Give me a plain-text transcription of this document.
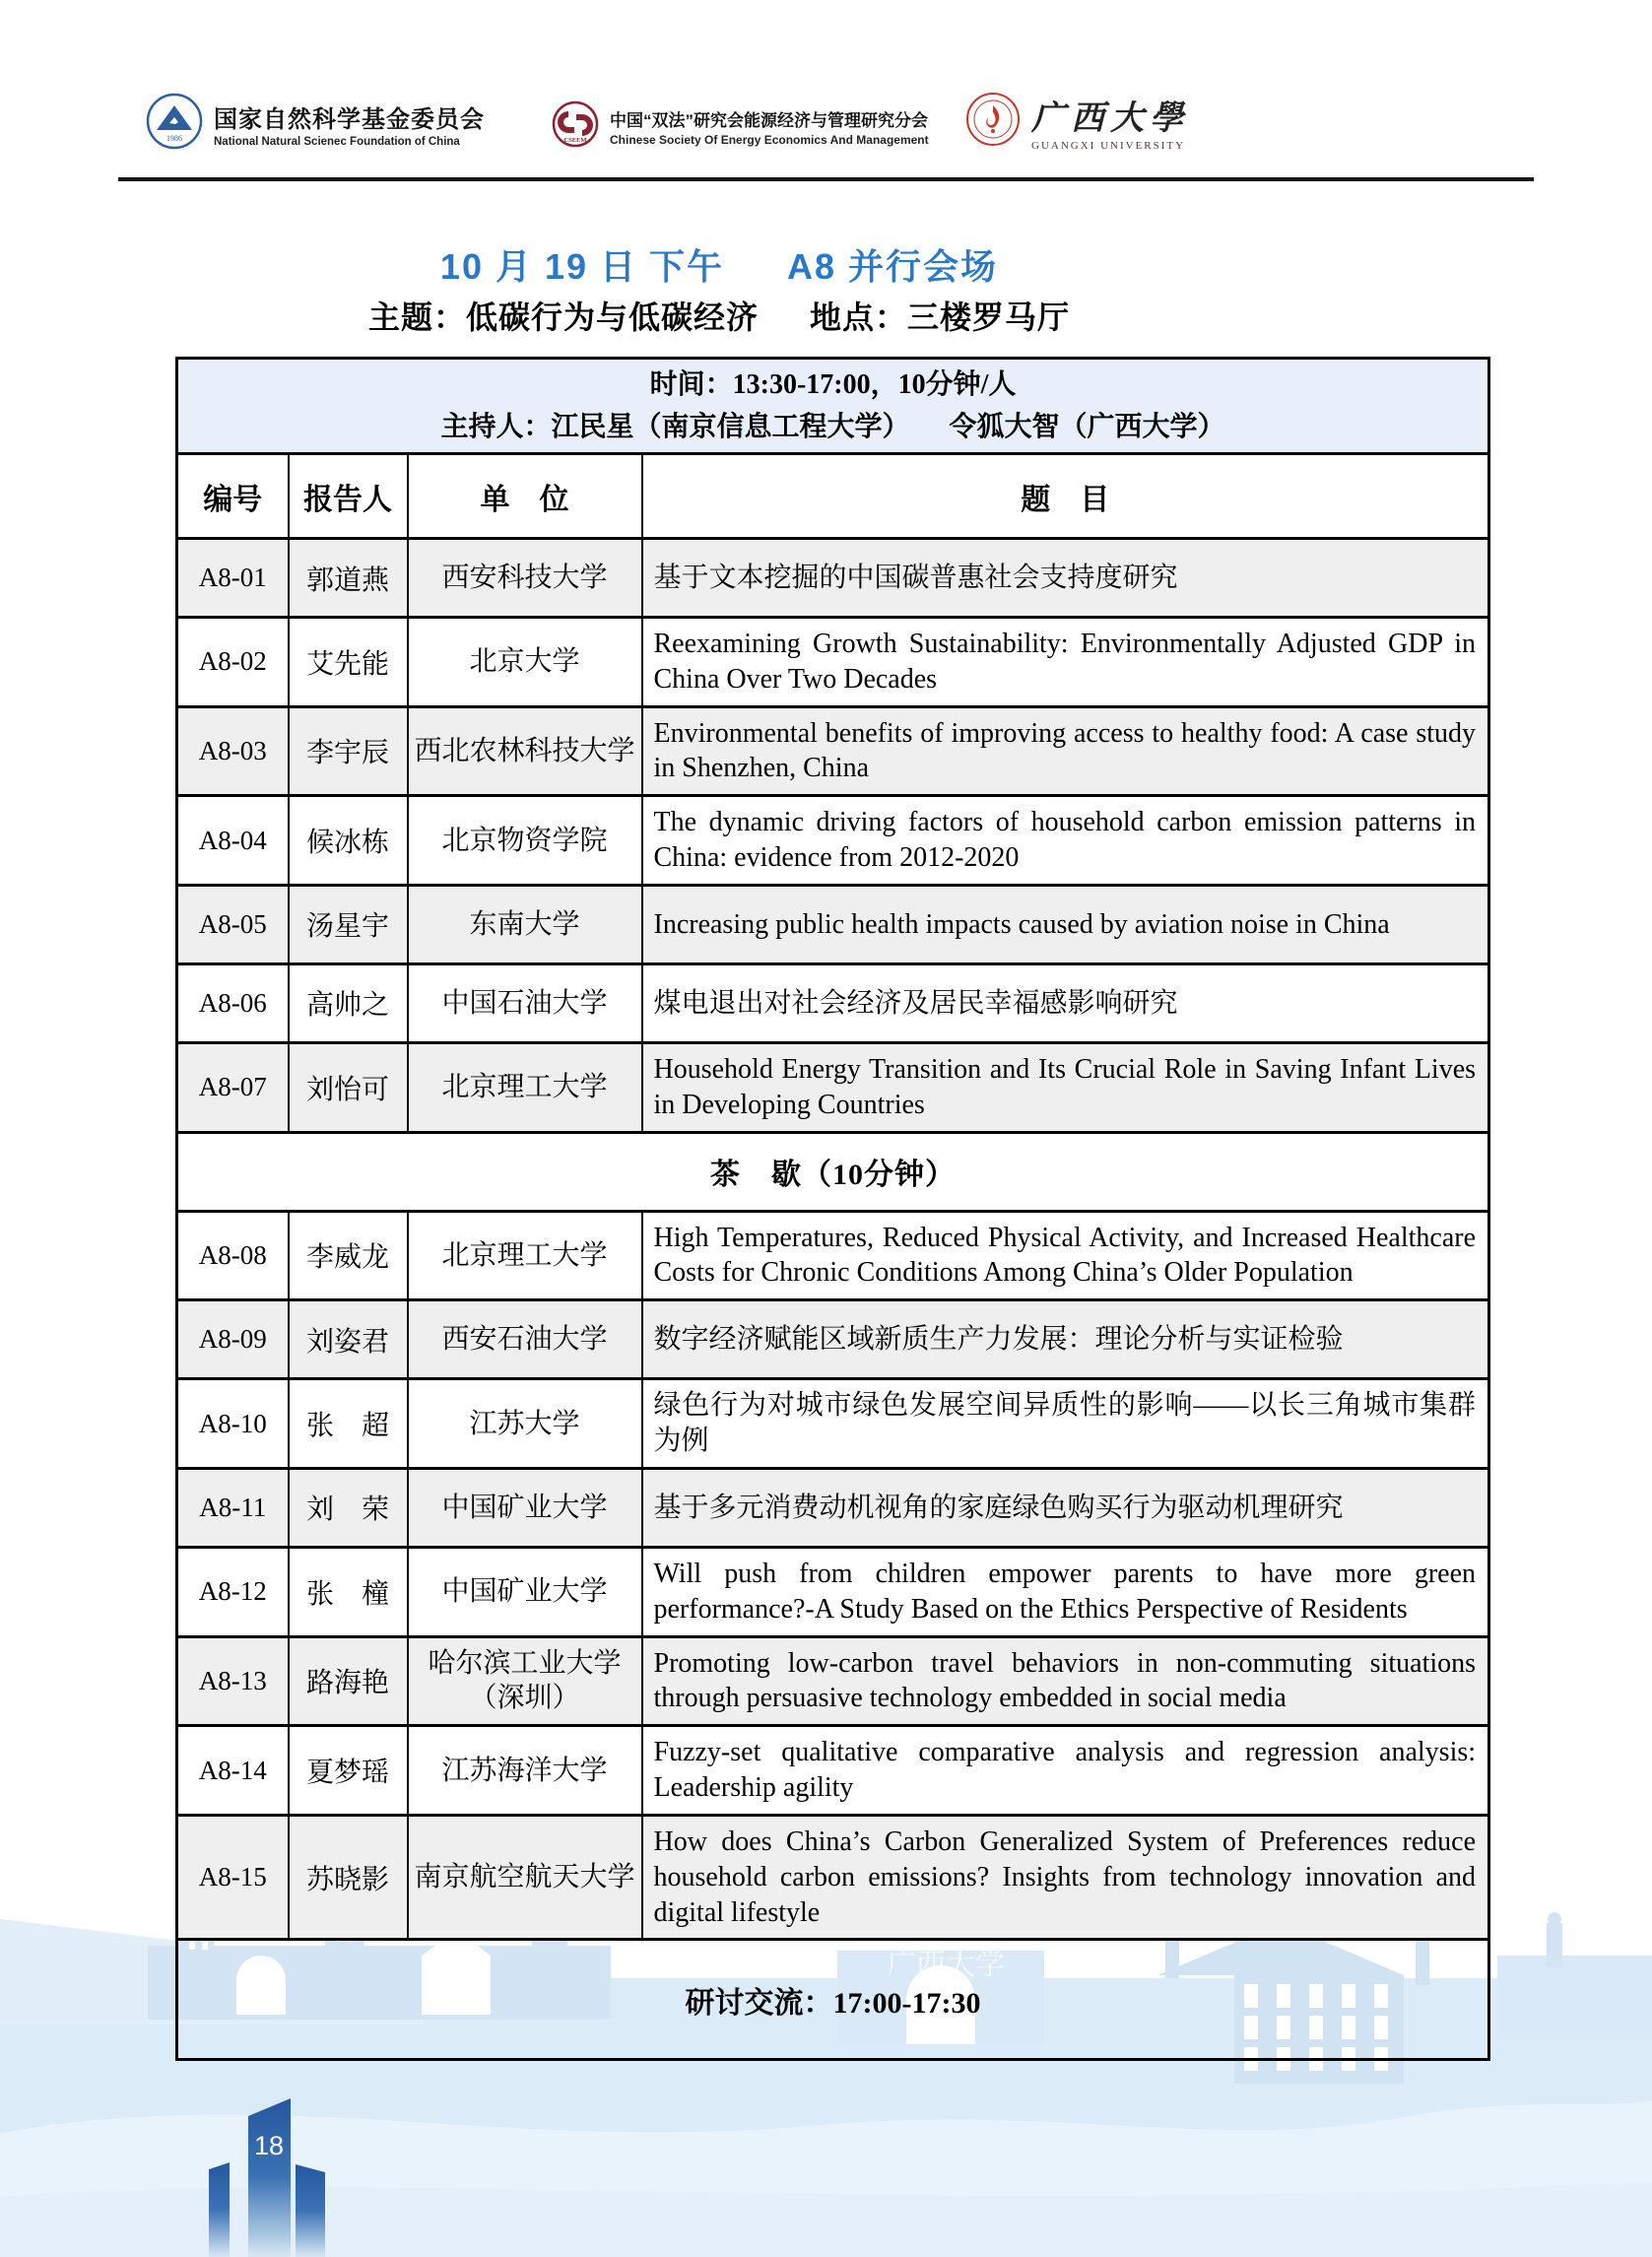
广西大学
18
1986
国家自然科学基金委员会
National Natural Scienec Foundation of China	CSEEM
中国“双法”研究会能源经济与管理研究分会
Chinese Society Of Energy Economics And Management
广西大學
GUANGXI UNIVERSITY
10 月 19 日 下午 A8 并行会场
主题：低碳行为与低碳经济 地点：三楼罗马厅
时间：13:30-17:00，10分钟/人
主持人：江民星（南京信息工程大学） 令狐大智（广西大学）			

编号	报告人	单　位	题　目
A8-01	郭道燕	西安科技大学	基于文本挖掘的中国碳普惠社会支持度研究
A8-02	艾先能	北京大学	Reexamining Growth Sustainability: Environmentally Adjusted GDP in China Over Two Decades
A8-03	李宇辰	西北农林科技大学	Environmental benefits of improving access to healthy food: A case study in Shenzhen, China
A8-04	候冰栋	北京物资学院	The dynamic driving factors of household carbon emission patterns in China: evidence from 2012-2020
A8-05	汤星宇	东南大学	Increasing public health impacts caused by aviation noise in China
A8-06	高帅之	中国石油大学	煤电退出对社会经济及居民幸福感影响研究
A8-07	刘怡可	北京理工大学	Household Energy Transition and Its Crucial Role in Saving Infant Lives in Developing Countries
茶　歇（10分钟）			
A8-08	李威龙	北京理工大学	High Temperatures, Reduced Physical Activity, and Increased Healthcare Costs for Chronic Conditions Among China’s Older Population
A8-09	刘姿君	西安石油大学	数字经济赋能区域新质生产力发展：理论分析与实证检验
A8-10	张　超	江苏大学	绿色行为对城市绿色发展空间异质性的影响——以长三角城市集群为例
A8-11	刘　荣	中国矿业大学	基于多元消费动机视角的家庭绿色购买行为驱动机理研究
A8-12	张　橦	中国矿业大学	Will push from children empower parents to have more green performance?-A Study Based on the Ethics Perspective of Residents
A8-13	路海艳	哈尔滨工业大学（深圳）	Promoting low-carbon travel behaviors in non-commuting situations through persuasive technology embedded in social media
A8-14	夏梦瑶	江苏海洋大学	Fuzzy-set qualitative comparative analysis and regression analysis: Leadership agility
A8-15	苏晓影	南京航空航天大学	How does China’s Carbon Generalized System of Preferences reduce household carbon emissions? Insights from technology innovation and digital lifestyle
研讨交流：17:00-17:30			
